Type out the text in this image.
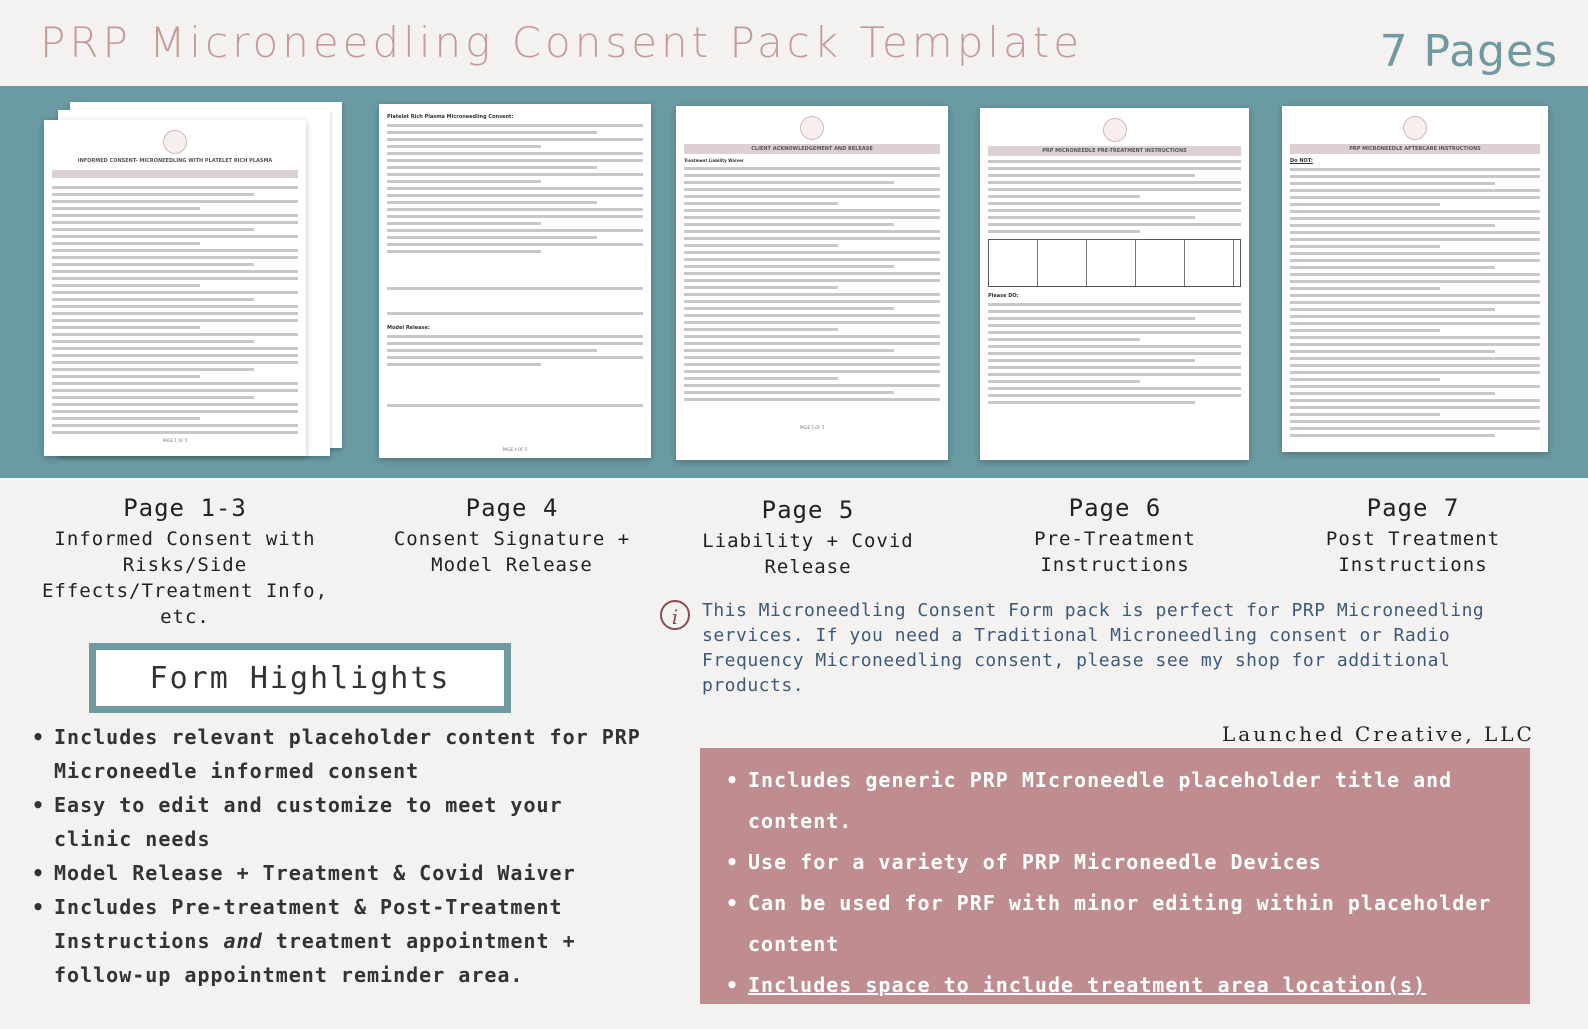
PRP Microneedling Consent Pack Template	7 Pages
INFORMED CONSENT- MICRONEEDLING WITH PLATELET RICH PLASMA
PAGE 1 OF 5
Platelet Rich Plasma Microneedling Consent:
Model Release:
PAGE 4 OF 5
CLIENT ACKNOWLEDGEMENT AND RELEASE
Treatment Liability Waiver
PAGE 5 OF 5
PRP MICRONEEDLE PRE-TREATMENT INSTRUCTIONS
Please DO:
PRP MICRONEEDLE AFTERCARE INSTRUCTIONS
Do NOT:
Page 1-3
Informed Consent with Risks/Side Effects/Treatment Info, etc.
Page 4
Consent Signature + Model Release
Page 5
Liability + Covid Release
Page 6
Pre-Treatment Instructions
Page 7
Post Treatment Instructions
i	This Microneedling Consent Form pack is perfect for PRP Microneedling services. If you need a Traditional Microneedling consent or Radio Frequency Microneedling consent, please see my shop for additional products.
Form Highlights
• Includes relevant placeholder content for PRP Microneedle informed consent
• Easy to edit and customize to meet your clinic needs
• Model Release + Treatment & Covid Waiver
• Includes Pre-treatment & Post-Treatment Instructions and treatment appointment + follow-up appointment reminder area.
Launched Creative, LLC
• Includes generic PRP MIcroneedle placeholder title and content.
• Use for a variety of PRP Microneedle Devices
• Can be used for PRF with minor editing within placeholder content
• Includes space to include treatment area location(s)
